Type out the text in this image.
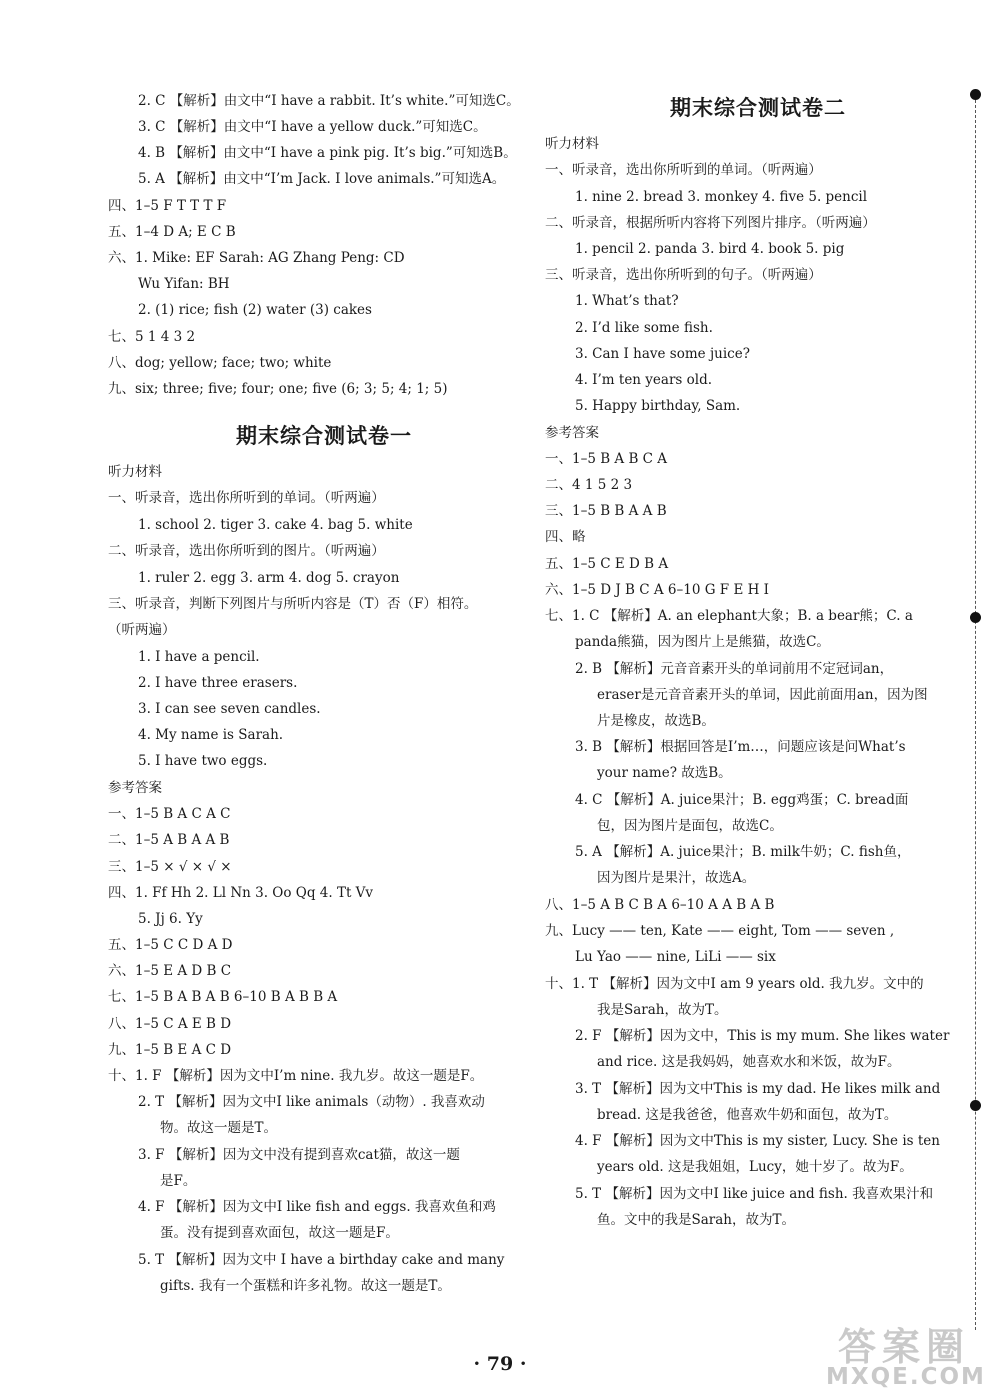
2. C 【解析】由文中“I have a rabbit. It’s white.”可知选C。
3. C 【解析】由文中“I have a yellow duck.”可知选C。
4. B 【解析】由文中“I have a pink pig. It’s big.”可知选B。
5. A 【解析】由文中“I’m Jack. I love animals.”可知选A。
四、1–5 F T T T F
五、1–4 D A; E C B
六、1. Mike: EF Sarah: AG Zhang Peng: CD
Wu Yifan: BH
2. (1) rice; fish (2) water (3) cakes
七、5 1 4 3 2
八、dog; yellow; face; two; white
九、six; three; five; four; one; five (6; 3; 5; 4; 1; 5)
期末综合测试卷一
听力材料
一、听录音，选出你所听到的单词。（听两遍）
1. school 2. tiger 3. cake 4. bag 5. white
二、听录音，选出你所听到的图片。（听两遍）
1. ruler 2. egg 3. arm 4. dog 5. crayon
三、听录音，判断下列图片与所听内容是（T）否（F）相符。
（听两遍）
1. I have a pencil.
2. I have three erasers.
3. I can see seven candles.
4. My name is Sarah.
5. I have two eggs.
参考答案
一、1–5 B A C A C
二、1–5 A B A A B
三、1–5 × √ × √ ×
四、1. Ff Hh 2. Ll Nn 3. Oo Qq 4. Tt Vv
5. Jj 6. Yy
五、1–5 C C D A D
六、1–5 E A D B C
七、1–5 B A B A B 6–10 B A B B A
八、1–5 C A E B D
九、1–5 B E A C D
十、1. F 【解析】因为文中I’m nine. 我九岁。故这一题是F。
2. T 【解析】因为文中I like animals（动物）. 我喜欢动
物。故这一题是T。
3. F 【解析】因为文中没有提到喜欢cat猫，故这一题
是F。
4. F 【解析】因为文中I like fish and eggs. 我喜欢鱼和鸡
蛋。没有提到喜欢面包，故这一题是F。
5. T 【解析】因为文中 I have a birthday cake and many
gifts. 我有一个蛋糕和许多礼物。故这一题是T。
期末综合测试卷二
听力材料
一、听录音，选出你所听到的单词。（听两遍）
1. nine 2. bread 3. monkey 4. five 5. pencil
二、听录音，根据所听内容将下列图片排序。（听两遍）
1. pencil 2. panda 3. bird 4. book 5. pig
三、听录音，选出你所听到的句子。（听两遍）
1. What’s that?
2. I’d like some fish.
3. Can I have some juice?
4. I’m ten years old.
5. Happy birthday, Sam.
参考答案
一、1–5 B A B C A
二、4 1 5 2 3
三、1–5 B B A A B
四、略
五、1–5 C E D B A
六、1–5 D J B C A 6–10 G F E H I
七、1. C 【解析】A. an elephant大象；B. a bear熊；C. a
panda熊猫，因为图片上是熊猫，故选C。
2. B 【解析】元音音素开头的单词前用不定冠词an，
eraser是元音音素开头的单词，因此前面用an，因为图
片是橡皮，故选B。
3. B 【解析】根据回答是I’m…，问题应该是问What’s
your name? 故选B。
4. C 【解析】A. juice果汁；B. egg鸡蛋；C. bread面
包，因为图片是面包，故选C。
5. A 【解析】A. juice果汁；B. milk牛奶；C. fish鱼，
因为图片是果汁，故选A。
八、1–5 A B C B A 6–10 A A B A B
九、Lucy —— ten, Kate —— eight, Tom —— seven ,
Lu Yao —— nine, LiLi —— six
十、1. T 【解析】因为文中I am 9 years old. 我九岁。文中的
我是Sarah，故为T。
2. F 【解析】因为文中，This is my mum. She likes water
and rice. 这是我妈妈，她喜欢水和米饭，故为F。
3. T 【解析】因为文中This is my dad. He likes milk and
bread. 这是我爸爸，他喜欢牛奶和面包，故为T。
4. F 【解析】因为文中This is my sister, Lucy. She is ten
years old. 这是我姐姐，Lucy，她十岁了。故为F。
5. T 【解析】因为文中I like juice and fish. 我喜欢果汁和
鱼。文中的我是Sarah，故为T。
· 79 ·	答案圈
MXQE.COM
